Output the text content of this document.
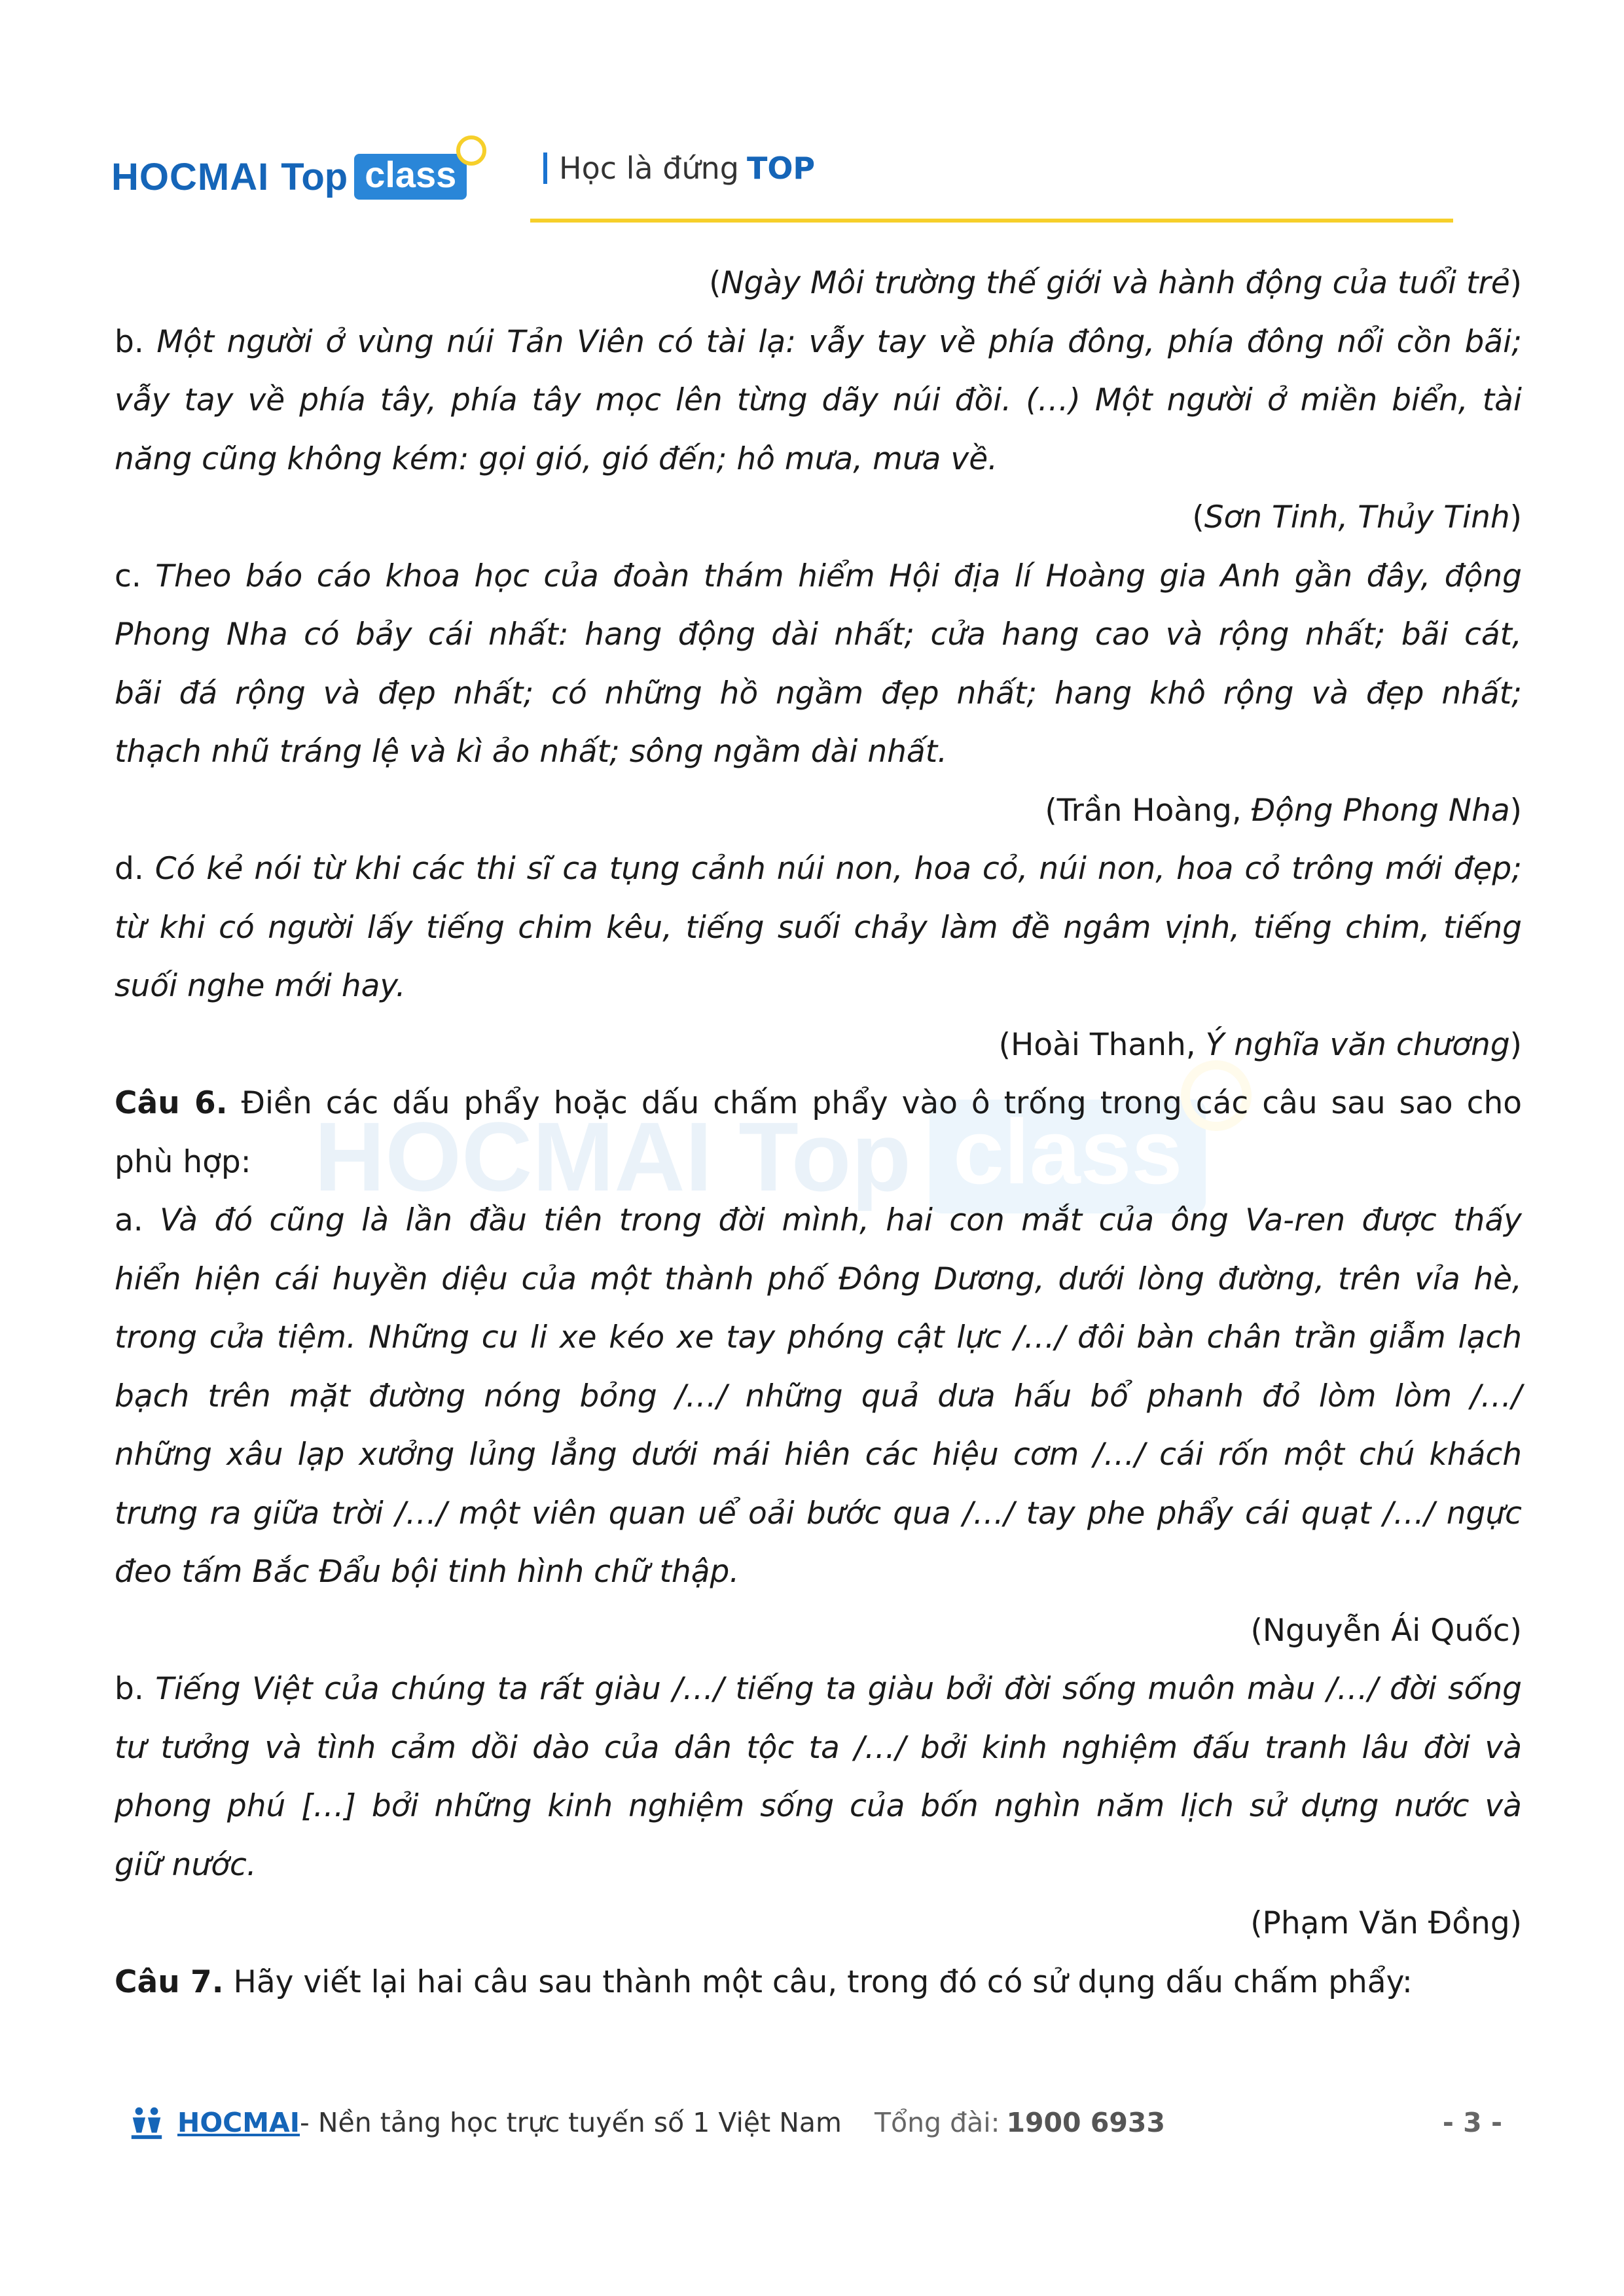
HOCMAI Top class	Học là đứng TOP
HOCMAI Top class
(Ngày Môi trường thế giới và hành động của tuổi trẻ)
b. Một người ở vùng núi Tản Viên có tài lạ: vẫy tay về phía đông, phía đông nổi cồn bãi;
vẫy tay về phía tây, phía tây mọc lên từng dãy núi đồi. (…) Một người ở miền biển, tài
năng cũng không kém: gọi gió, gió đến; hô mưa, mưa về.
(Sơn Tinh, Thủy Tinh)
c. Theo báo cáo khoa học của đoàn thám hiểm Hội địa lí Hoàng gia Anh gần đây, động
Phong Nha có bảy cái nhất: hang động dài nhất; cửa hang cao và rộng nhất; bãi cát,
bãi đá rộng và đẹp nhất; có những hồ ngầm đẹp nhất; hang khô rộng và đẹp nhất;
thạch nhũ tráng lệ và kì ảo nhất; sông ngầm dài nhất.
(Trần Hoàng, Động Phong Nha)
d. Có kẻ nói từ khi các thi sĩ ca tụng cảnh núi non, hoa cỏ, núi non, hoa cỏ trông mới đẹp;
từ khi có người lấy tiếng chim kêu, tiếng suối chảy làm đề ngâm vịnh, tiếng chim, tiếng
suối nghe mới hay.
(Hoài Thanh, Ý nghĩa văn chương)
Câu 6. Điền các dấu phẩy hoặc dấu chấm phẩy vào ô trống trong các câu sau sao cho
phù hợp:
a. Và đó cũng là lần đầu tiên trong đời mình, hai con mắt của ông Va-ren được thấy
hiển hiện cái huyền diệu của một thành phố Đông Dương, dưới lòng đường, trên vỉa hè,
trong cửa tiệm. Những cu li xe kéo xe tay phóng cật lực /…/ đôi bàn chân trần giẫm lạch
bạch trên mặt đường nóng bỏng /…/ những quả dưa hấu bổ phanh đỏ lòm lòm /…/
những xâu lạp xưởng lủng lẳng dưới mái hiên các hiệu cơm /…/ cái rốn một chú khách
trưng ra giữa trời /…/ một viên quan uể oải bước qua /…/ tay phe phẩy cái quạt /…/ ngực
đeo tấm Bắc Đẩu bội tinh hình chữ thập.
(Nguyễn Ái Quốc)
b. Tiếng Việt của chúng ta rất giàu /…/ tiếng ta giàu bởi đời sống muôn màu /…/ đời sống
tư tưởng và tình cảm dồi dào của dân tộc ta /…/ bởi kinh nghiệm đấu tranh lâu đời và
phong phú […] bởi những kinh nghiệm sống của bốn nghìn năm lịch sử dựng nước và
giữ nước.
(Phạm Văn Đồng)
Câu 7. Hãy viết lại hai câu sau thành một câu, trong đó có sử dụng dấu chấm phẩy:
HOCMAI - Nền tảng học trực tuyến số 1 Việt Nam Tổng đài: 1900 6933	- 3 -
